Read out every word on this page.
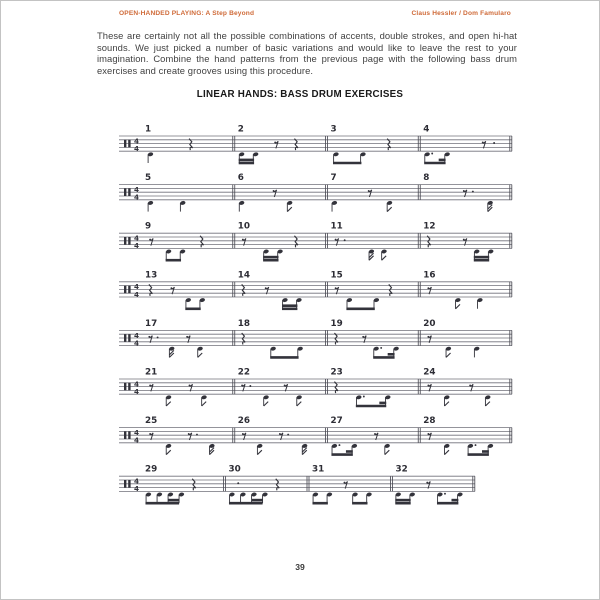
OPEN-HANDED PLAYING: A Step Beyond	Claus Hessler / Dom Famularo

These are certainly not all the possible combinations of accents, double strokes, and open hi-hat sounds. We just picked a number of basic variations and would like to leave the rest to your imagination. Combine the hand patterns from the previous page with the following bass drum exercises and create grooves using this procedure.

LINEAR HANDS: BASS DRUM EXERCISES
4
4
1	2	3	4
4
4
5	6	7	8
4
4
9	10	11	12
4
4
13	14	15	16
4
4
17	18	19	20
4
4
21	22	23	24
4
4
25	26	27	28
4
4
29	30	31	32
39
